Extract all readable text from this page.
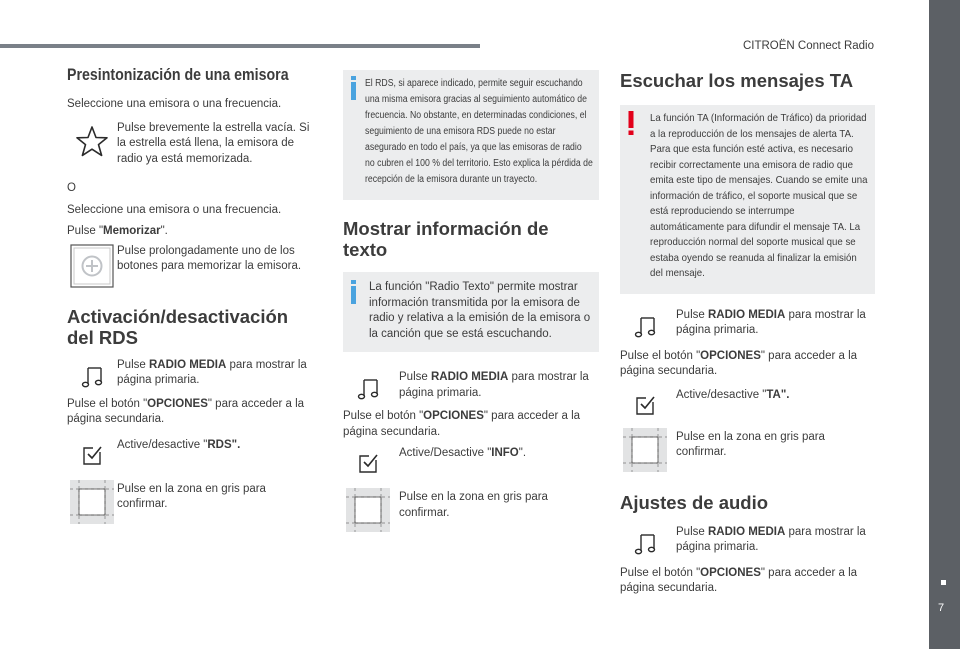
CITROËN Connect Radio
7
Presintonización de una emisora

Seleccione una emisora o una frecuencia.

Pulse brevemente la estrella vacía. Si la estrella está llena, la emisora de radio ya está memorizada.

O

Seleccione una emisora o una frecuencia.

Pulse "Memorizar".

Pulse prolongadamente uno de los botones para memorizar la emisora.
Activación/desactivación del RDS
Pulse RADIO MEDIA para mostrar la página primaria.

Pulse el botón "OPCIONES" para acceder a la página secundaria.

Active/desactive "RDS".
Pulse en la zona en gris para confirmar.
El RDS, si aparece indicado, permite seguir escuchando una misma emisora gracias al seguimiento automático de frecuencia. No obstante, en determinadas condiciones, el seguimiento de una emisora RDS puede no estar asegurado en todo el país, ya que las emisoras de radio no cubren el 100 % del territorio. Esto explica la pérdida de recepción de la emisora durante un trayecto.
Mostrar información de texto
La función "Radio Texto" permite mostrar información transmitida por la emisora de radio y relativa a la emisión de la emisora o la canción que se está escuchando.
Pulse RADIO MEDIA para mostrar la página primaria.

Pulse el botón "OPCIONES" para acceder a la página secundaria.

Active/Desactive "INFO".
Pulse en la zona en gris para confirmar.
Escuchar los mensajes TA
La función TA (Información de Tráfico) da prioridad a la reproducción de los mensajes de alerta TA. Para que esta función esté activa, es necesario recibir correctamente una emisora de radio que emita este tipo de mensajes. Cuando se emite una información de tráfico, el soporte musical que se está reproduciendo se interrumpe automáticamente para difundir el mensaje TA. La reproducción normal del soporte musical que se estaba oyendo se reanuda al finalizar la emisión del mensaje.
Pulse RADIO MEDIA para mostrar la página primaria.

Pulse el botón "OPCIONES" para acceder a la página secundaria.

Active/desactive "TA".
Pulse en la zona en gris para confirmar.
Ajustes de audio
Pulse RADIO MEDIA para mostrar la página primaria.

Pulse el botón "OPCIONES" para acceder a la página secundaria.
